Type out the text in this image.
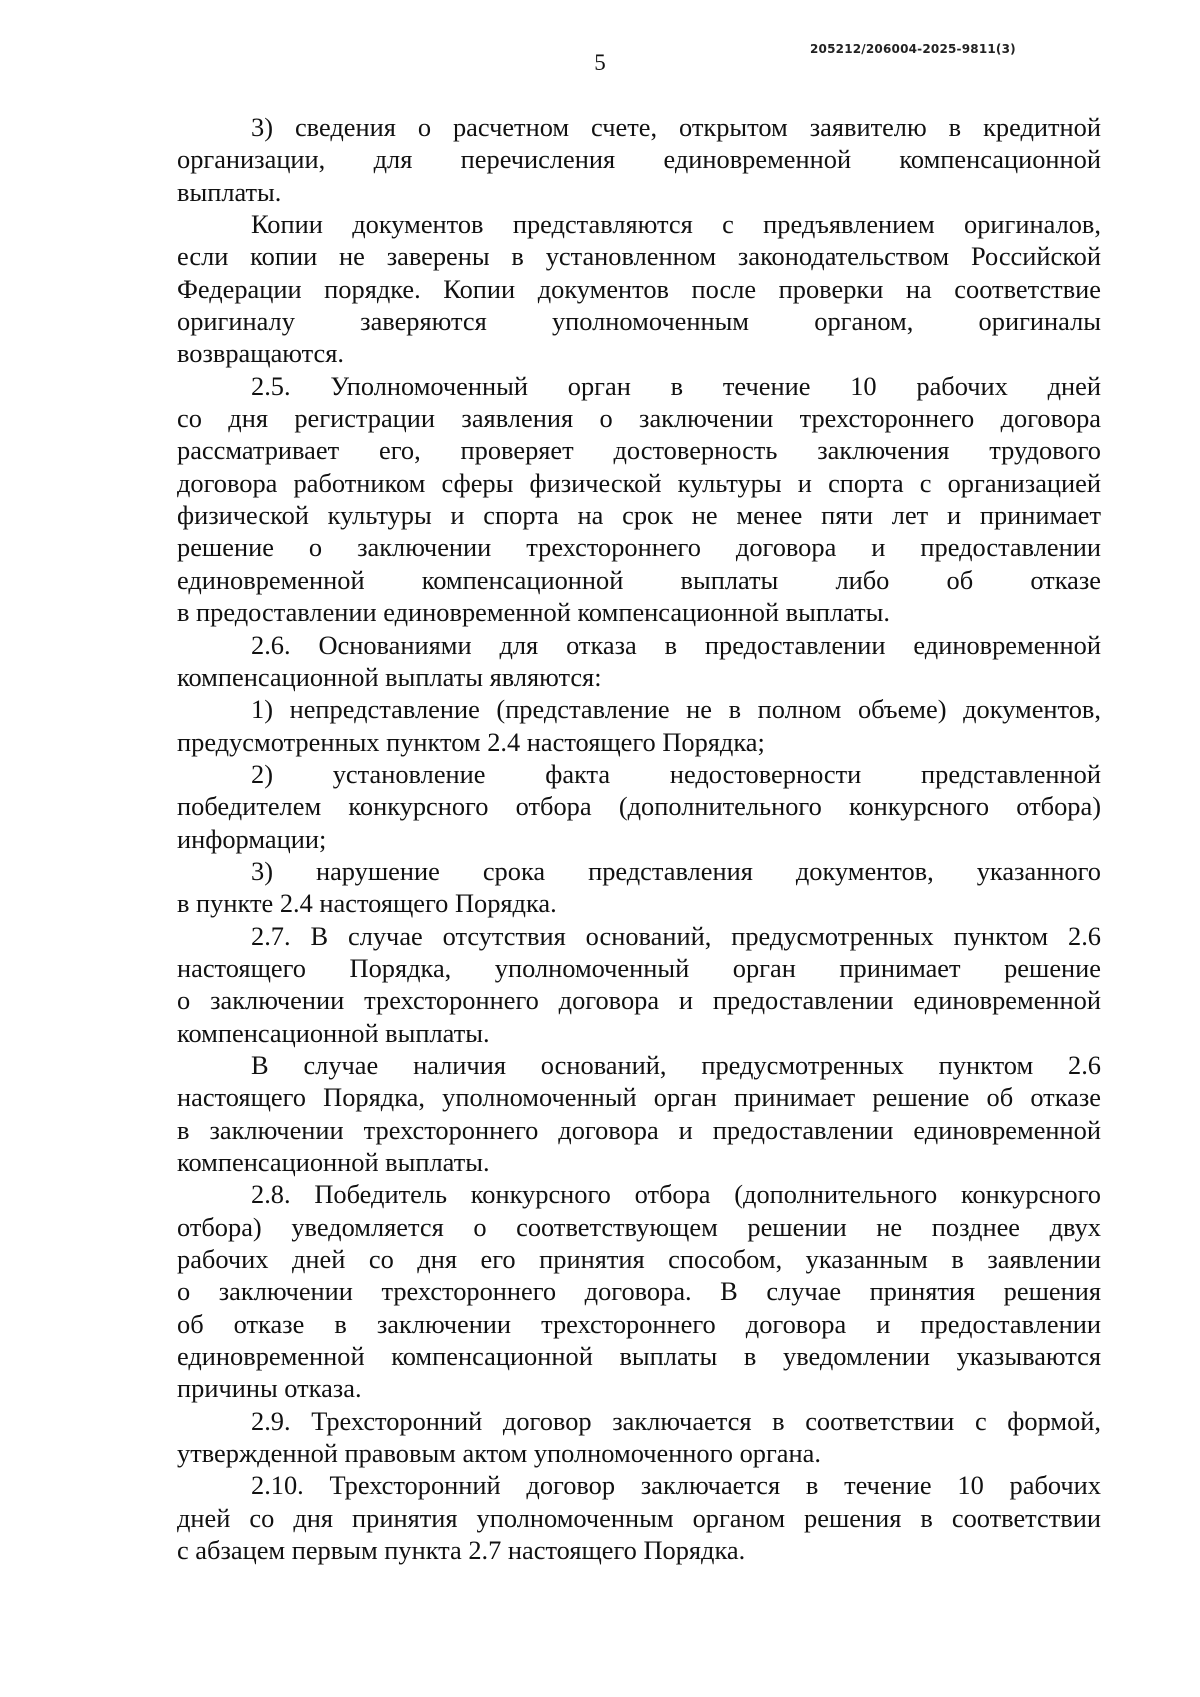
205212/206004-2025-9811(3)
5
3) сведения о расчетном счете, открытом заявителю в кредитной
организации, для перечисления единовременной компенсационной
выплаты.
Копии документов представляются с предъявлением оригиналов,
если копии не заверены в установленном законодательством Российской
Федерации порядке. Копии документов после проверки на соответствие
оригиналу заверяются уполномоченным органом, оригиналы
возвращаются.
2.5. Уполномоченный орган в течение 10 рабочих дней
со дня регистрации заявления о заключении трехстороннего договора
рассматривает его, проверяет достоверность заключения трудового
договора работником сферы физической культуры и спорта с организацией
физической культуры и спорта на срок не менее пяти лет и принимает
решение о заключении трехстороннего договора и предоставлении
единовременной компенсационной выплаты либо об отказе
в предоставлении единовременной компенсационной выплаты.
2.6. Основаниями для отказа в предоставлении единовременной
компенсационной выплаты являются:
1) непредставление (представление не в полном объеме) документов,
предусмотренных пунктом 2.4 настоящего Порядка;
2) установление факта недостоверности представленной
победителем конкурсного отбора (дополнительного конкурсного отбора)
информации;
3) нарушение срока представления документов, указанного
в пункте 2.4 настоящего Порядка.
2.7. В случае отсутствия оснований, предусмотренных пунктом 2.6
настоящего Порядка, уполномоченный орган принимает решение
о заключении трехстороннего договора и предоставлении единовременной
компенсационной выплаты.
В случае наличия оснований, предусмотренных пунктом 2.6
настоящего Порядка, уполномоченный орган принимает решение об отказе
в заключении трехстороннего договора и предоставлении единовременной
компенсационной выплаты.
2.8. Победитель конкурсного отбора (дополнительного конкурсного
отбора) уведомляется о соответствующем решении не позднее двух
рабочих дней со дня его принятия способом, указанным в заявлении
о заключении трехстороннего договора. В случае принятия решения
об отказе в заключении трехстороннего договора и предоставлении
единовременной компенсационной выплаты в уведомлении указываются
причины отказа.
2.9. Трехсторонний договор заключается в соответствии с формой,
утвержденной правовым актом уполномоченного органа.
2.10. Трехсторонний договор заключается в течение 10 рабочих
дней со дня принятия уполномоченным органом решения в соответствии
с абзацем первым пункта 2.7 настоящего Порядка.
